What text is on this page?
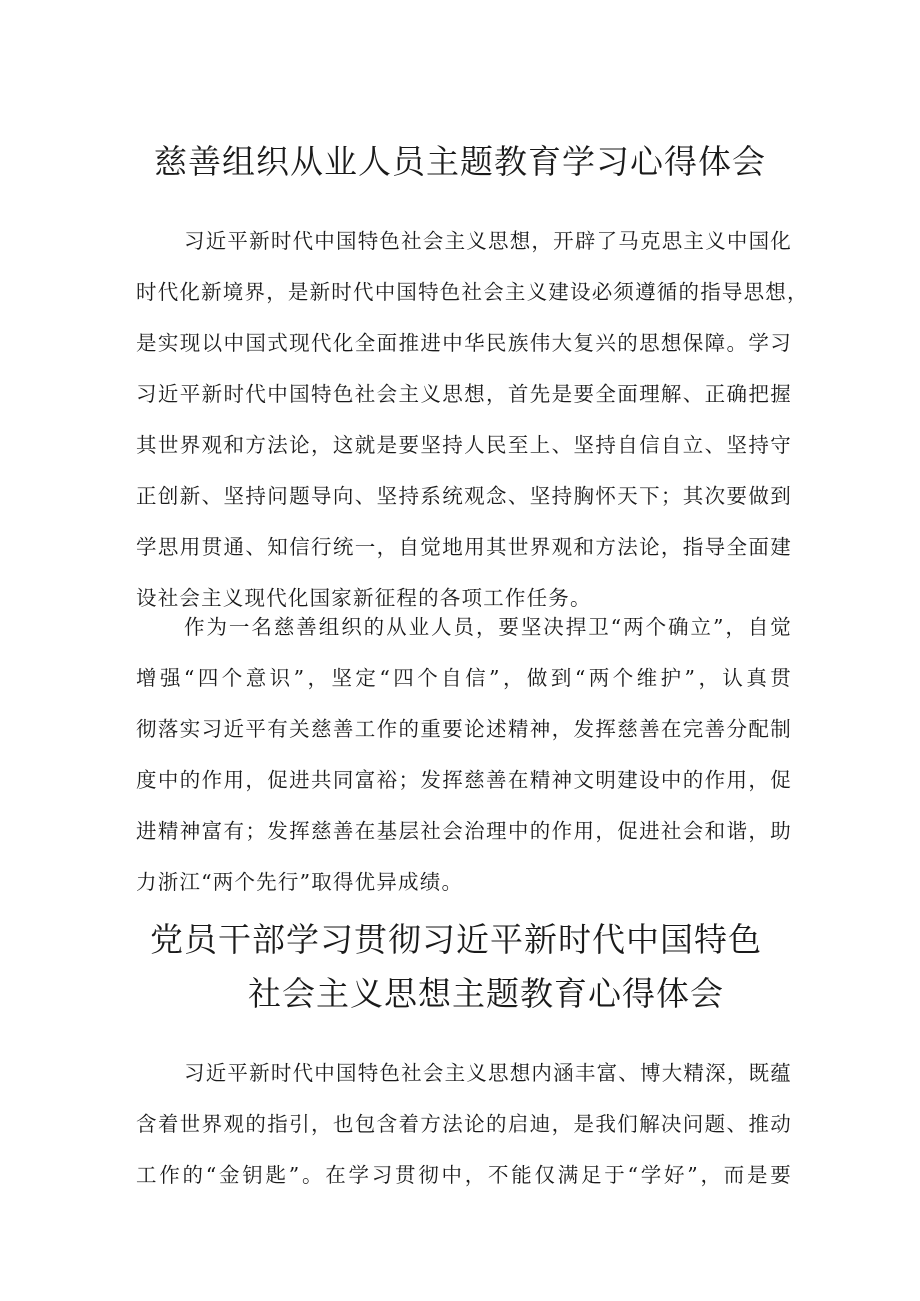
慈善组织从业人员主题教育学习心得体会
习近平新时代中国特色社会主义思想，开辟了马克思主义中国化
时代化新境界，是新时代中国特色社会主义建设必须遵循的指导思想，
是实现以中国式现代化全面推进中华民族伟大复兴的思想保障。学习
习近平新时代中国特色社会主义思想，首先是要全面理解、正确把握
其世界观和方法论，这就是要坚持人民至上、坚持自信自立、坚持守
正创新、坚持问题导向、坚持系统观念、坚持胸怀天下；其次要做到
学思用贯通、知信行统一，自觉地用其世界观和方法论，指导全面建
设社会主义现代化国家新征程的各项工作任务。
作为一名慈善组织的从业人员，要坚决捍卫“两个确立”，自觉
增强“四个意识”，坚定“四个自信”，做到“两个维护”，认真贯
彻落实习近平有关慈善工作的重要论述精神，发挥慈善在完善分配制
度中的作用，促进共同富裕；发挥慈善在精神文明建设中的作用，促
进精神富有；发挥慈善在基层社会治理中的作用，促进社会和谐，助
力浙江“两个先行”取得优异成绩。
党员干部学习贯彻习近平新时代中国特色
社会主义思想主题教育心得体会
习近平新时代中国特色社会主义思想内涵丰富、博大精深，既蕴
含着世界观的指引，也包含着方法论的启迪，是我们解决问题、推动
工作的“金钥匙”。在学习贯彻中，不能仅满足于“学好”，而是要
